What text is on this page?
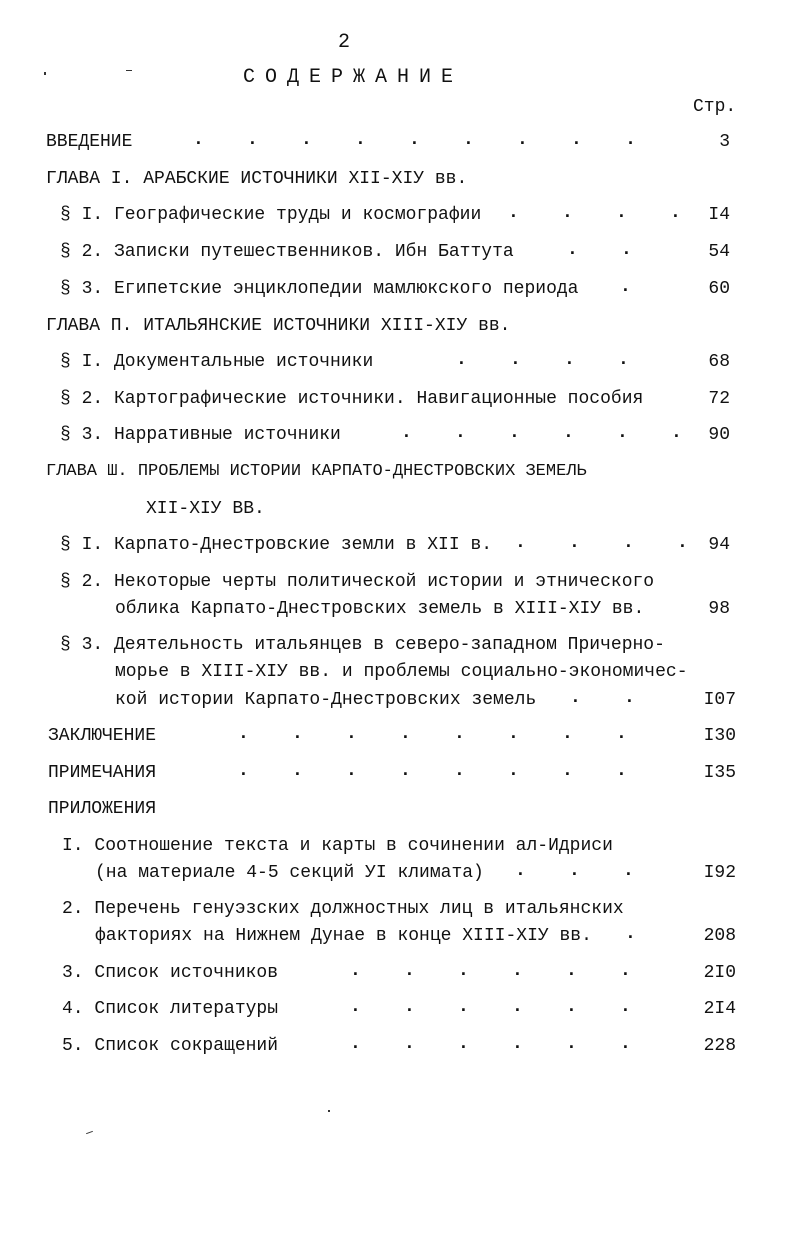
2
СОДЕРЖАНИЕ
Стр.
ВВЕДЕНИЕ	.    .    .    .    .    .    .    .    .	3
ГЛАВА I. АРАБСКИЕ ИСТОЧНИКИ XII-XIУ вв.
§ I. Географические труды и космографии .    .    .    .	I4
§ 2. Записки путешественников. Ибн Баттута	.    .	54
§ 3. Египетские энциклопедии мамлюкского периода .	60
ГЛАВА П. ИТАЛЬЯНСКИЕ ИСТОЧНИКИ XIII-XIУ вв.
§ I. Документальные источники	.    .    .    .	68
§ 2. Картографические источники. Навигационные пособия	72
§ 3. Нарративные источники	.    .    .    .    .    .	90
ГЛАВА Ш. ПРОБЛЕМЫ ИСТОРИИ КАРПАТО-ДНЕСТРОВСКИХ ЗЕМЕЛЬ
XII-XIУ ВВ.
§ I. Карпато-Днестровские земли в XII в. .    .    .    .	94
§ 2. Некоторые черты политической истории и этнического
облика Карпато-Днестровских земель в XIII-XIУ вв.	98
§ 3. Деятельность итальянцев в северо-западном Причерно-
морье в XIII-XIУ вв. и проблемы социально-экономичес-
кой истории Карпато-Днестровских земель .    .	I07
ЗАКЛЮЧЕНИЕ	.    .    .    .    .    .    .    .	I30
ПРИМЕЧАНИЯ	.    .    .    .    .    .    .    .	I35
ПРИЛОЖЕНИЯ
I. Соотношение текста и карты в сочинении ал-Идриси
(на материале 4-5 секций УI климата) .    .    .	I92
2. Перечень генуэзских должностных лиц в итальянских
факториях на Нижнем Дунае в конце XIII-XIУ вв. .	208
3. Список источников	.    .    .    .    .    .	2I0
4. Список литературы	.    .    .    .    .    .	2I4
5. Список сокращений	.    .    .    .    .    .	228
